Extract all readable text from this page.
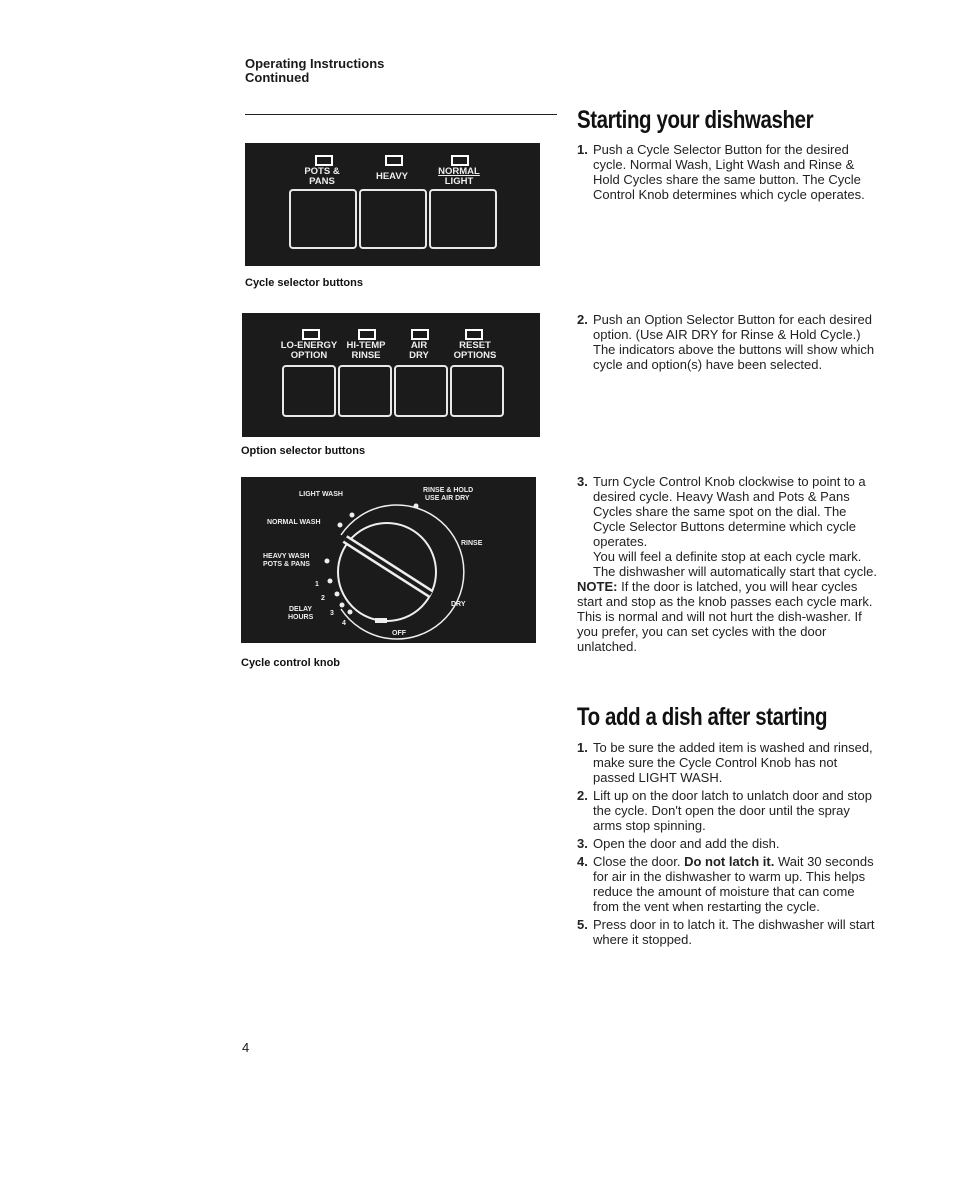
Operating Instructions
Continued
POTS &
PANS	HEAVY	NORMAL
LIGHT
Cycle selector buttons
LO-ENERGY
OPTION
HI-TEMP
RINSE
AIR
DRY
RESET
OPTIONS
Option selector buttons
LIGHT WASH
RINSE & HOLD
USE AIR DRY
NORMAL WASH
RINSE
HEAVY WASH
POTS & PANS
1
2
3
4
DELAY
HOURS
DRY
OFF
Cycle control knob
Starting your dishwasher
1. Push a Cycle Selector Button for the desired cycle. Normal Wash, Light Wash and Rinse & Hold Cycles share the same button. The Cycle Control Knob determines which cycle operates.
2. Push an Option Selector Button for each desired option. (Use AIR DRY for Rinse & Hold Cycle.) The indicators above the buttons will show which cycle and option(s) have been selected.
3. Turn Cycle Control Knob clockwise to point to a desired cycle. Heavy Wash and Pots & Pans Cycles share the same spot on the dial. The Cycle Selector Buttons determine which cycle operates.
You will feel a definite stop at each cycle mark. The dishwasher will automatically start that cycle.
NOTE: If the door is latched, you will hear cycles start and stop as the knob passes each cycle mark. This is normal and will not hurt the dish-washer. If you prefer, you can set cycles with the door unlatched.
To add a dish after starting
1. To be sure the added item is washed and rinsed, make sure the Cycle Control Knob has not passed LIGHT WASH.
2. Lift up on the door latch to unlatch door and stop the cycle. Don't open the door until the spray arms stop spinning.
3. Open the door and add the dish.
4. Close the door. Do not latch it. Wait 30 seconds for air in the dishwasher to warm up. This helps reduce the amount of moisture that can come from the vent when restarting the cycle.
5. Press door in to latch it. The dishwasher will start where it stopped.
4
